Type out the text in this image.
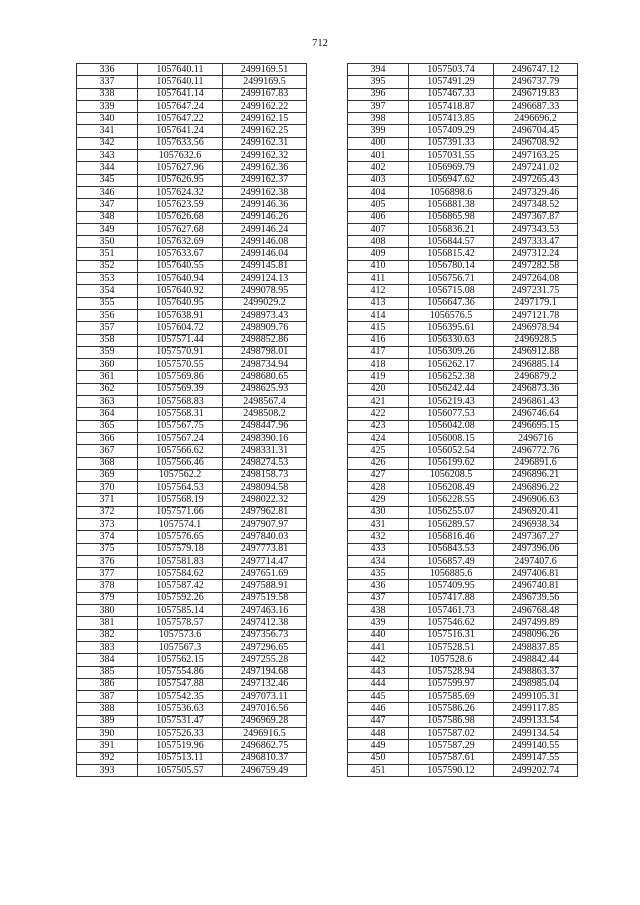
712
336	1057640.11	2499169.51
337	1057640.11	2499169.5
338	1057641.14	2499167.83
339	1057647.24	2499162.22
340	1057647.22	2499162.15
341	1057641.24	2499162.25
342	1057633.56	2499162.31
343	1057632.6	2499162.32
344	1057627.96	2499162.36
345	1057626.95	2499162.37
346	1057624.32	2499162.38
347	1057623.59	2499146.36
348	1057626.68	2499146.26
349	1057627.68	2499146.24
350	1057632.69	2499146.08
351	1057633.67	2499146.04
352	1057640.55	2499145.81
353	1057640.94	2499124.13
354	1057640.92	2499078.95
355	1057640.95	2499029.2
356	1057638.91	2498973.43
357	1057604.72	2498909.76
358	1057571.44	2498852.86
359	1057570.91	2498798.01
360	1057570.55	2498734.94
361	1057569.86	2498680.65
362	1057569.39	2498625.93
363	1057568.83	2498567.4
364	1057568.31	2498508.2
365	1057567.75	2498447.96
366	1057567.24	2498390.16
367	1057566.62	2498331.31
368	1057566.46	2498274.53
369	1057562.2	2498158.73
370	1057564.53	2498094.58
371	1057568.19	2498022.32
372	1057571.66	2497962.81
373	1057574.1	2497907.97
374	1057576.65	2497840.03
375	1057579.18	2497773.81
376	1057581.83	2497714.47
377	1057584.62	2497651.69
378	1057587.42	2497588.91
379	1057592.26	2497519.58
380	1057585.14	2497463.16
381	1057578.57	2497412.38
382	1057573.6	2497356.73
383	1057567.3	2497296.65
384	1057562.15	2497255.28
385	1057554.86	2497194.68
386	1057547.88	2497132.46
387	1057542.35	2497073.11
388	1057536.63	2497016.56
389	1057531.47	2496969.28
390	1057526.33	2496916.5
391	1057519.96	2496862.75
392	1057513.11	2496810.37
393	1057505.57	2496759.49
394	1057503.74	2496747.12
395	1057491.29	2496737.79
396	1057467.33	2496719.83
397	1057418.87	2496687.33
398	1057413.85	2496696.2
399	1057409.29	2496704.45
400	1057391.33	2496708.92
401	1057031.55	2497163.25
402	1056969.79	2497241.02
403	1056947.62	2497265.43
404	1056898.6	2497329.46
405	1056881.38	2497348.52
406	1056865.98	2497367.87
407	1056836.21	2497343.53
408	1056844.57	2497333.47
409	1056815.42	2497312.24
410	1056780.14	2497282.58
411	1056756.71	2497264.08
412	1056715.08	2497231.75
413	1056647.36	2497179.1
414	1056576.5	2497121.78
415	1056395.61	2496978.94
416	1056330.63	2496928.5
417	1056309.26	2496912.88
418	1056262.17	2496885.14
419	1056252.38	2496879.2
420	1056242.44	2496873.36
421	1056219.43	2496861.43
422	1056077.53	2496746.64
423	1056042.08	2496695.15
424	1056008.15	2496716
425	1056052.54	2496772.76
426	1056199.62	2496891.6
427	1056208.5	2496896.21
428	1056208.49	2496896.22
429	1056228.55	2496906.63
430	1056255.07	2496920.41
431	1056289.57	2496938.34
432	1056816.46	2497367.27
433	1056843.53	2497396.06
434	1056857.49	2497407.6
435	1056885.6	2497406.81
436	1057409.95	2496740.81
437	1057417.88	2496739.56
438	1057461.73	2496768.48
439	1057546.62	2497499.89
440	1057516.31	2498096.26
441	1057528.51	2498837.85
442	1057528.6	2498842.44
443	1057528.94	2498863.37
444	1057599.97	2498985.04
445	1057585.69	2499105.31
446	1057586.26	2499117.85
447	1057586.98	2499133.54
448	1057587.02	2499134.54
449	1057587.29	2499140.55
450	1057587.61	2499147.55
451	1057590.12	2499202.74
